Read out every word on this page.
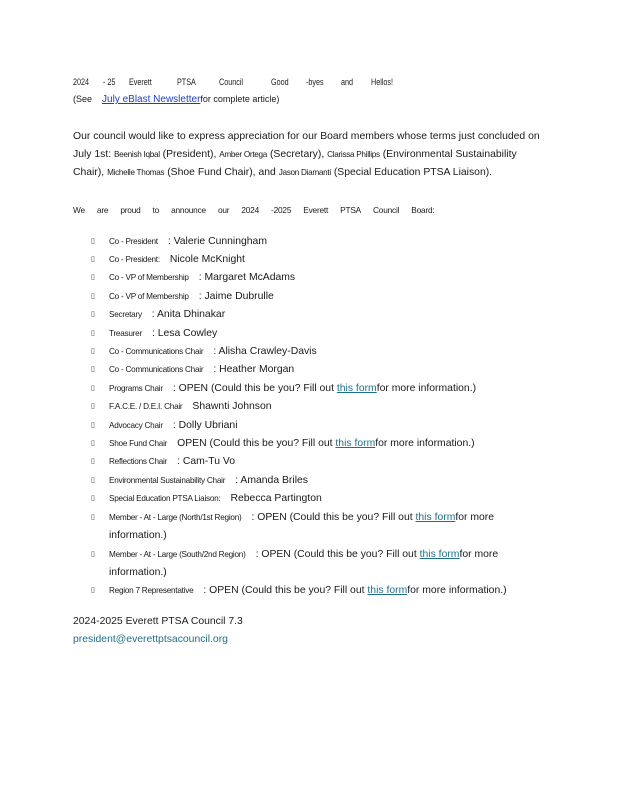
2024 - 25 Everett	PTSA	Council	Good -byes and Hellos!
(See July eBlast Newsletterfor complete article)
Our council would like to express appreciation for our Board members whose terms just concluded on July 1st: Beenish Iqbal (President), Amber Ortega (Secretary), Clarissa Phillips (Environmental Sustainability Chair), Michelle Thomas (Shoe Fund Chair), and Jason Diamanti (Special Education PTSA Liaison).
We are proud to announce our 2024 -2025 Everett PTSA Council Board:
▯ Co - President : Valerie Cunningham
▯ Co - President: Nicole McKnight
▯ Co - VP of Membership : Margaret McAdams
▯ Co - VP of Membership : Jaime Dubrulle
▯ Secretary : Anita Dhinakar
▯ Treasurer : Lesa Cowley
▯ Co - Communications Chair : Alisha Crawley-Davis
▯ Co - Communications Chair : Heather Morgan
▯ Programs Chair : OPEN (Could this be you? Fill out this formfor more information.)
▯ F.A.C.E. / D.E.I. Chair Shawnti Johnson
▯ Advocacy Chair : Dolly Ubriani
▯ Shoe Fund Chair OPEN (Could this be you? Fill out this formfor more information.)
▯ Reflections Chair : Cam-Tu Vo
▯ Environmental Sustainability Chair : Amanda Briles
▯ Special Education PTSA Liaison: Rebecca Partington
▯ Member - At - Large (North/1st Region) : OPEN (Could this be you? Fill out this formfor more information.)
▯ Member - At - Large (South/2nd Region) : OPEN (Could this be you? Fill out this formfor more information.)
▯ Region 7 Representative : OPEN (Could this be you? Fill out this formfor more information.)
2024-2025 Everett PTSA Council 7.3
president@everettptsacouncil.org
